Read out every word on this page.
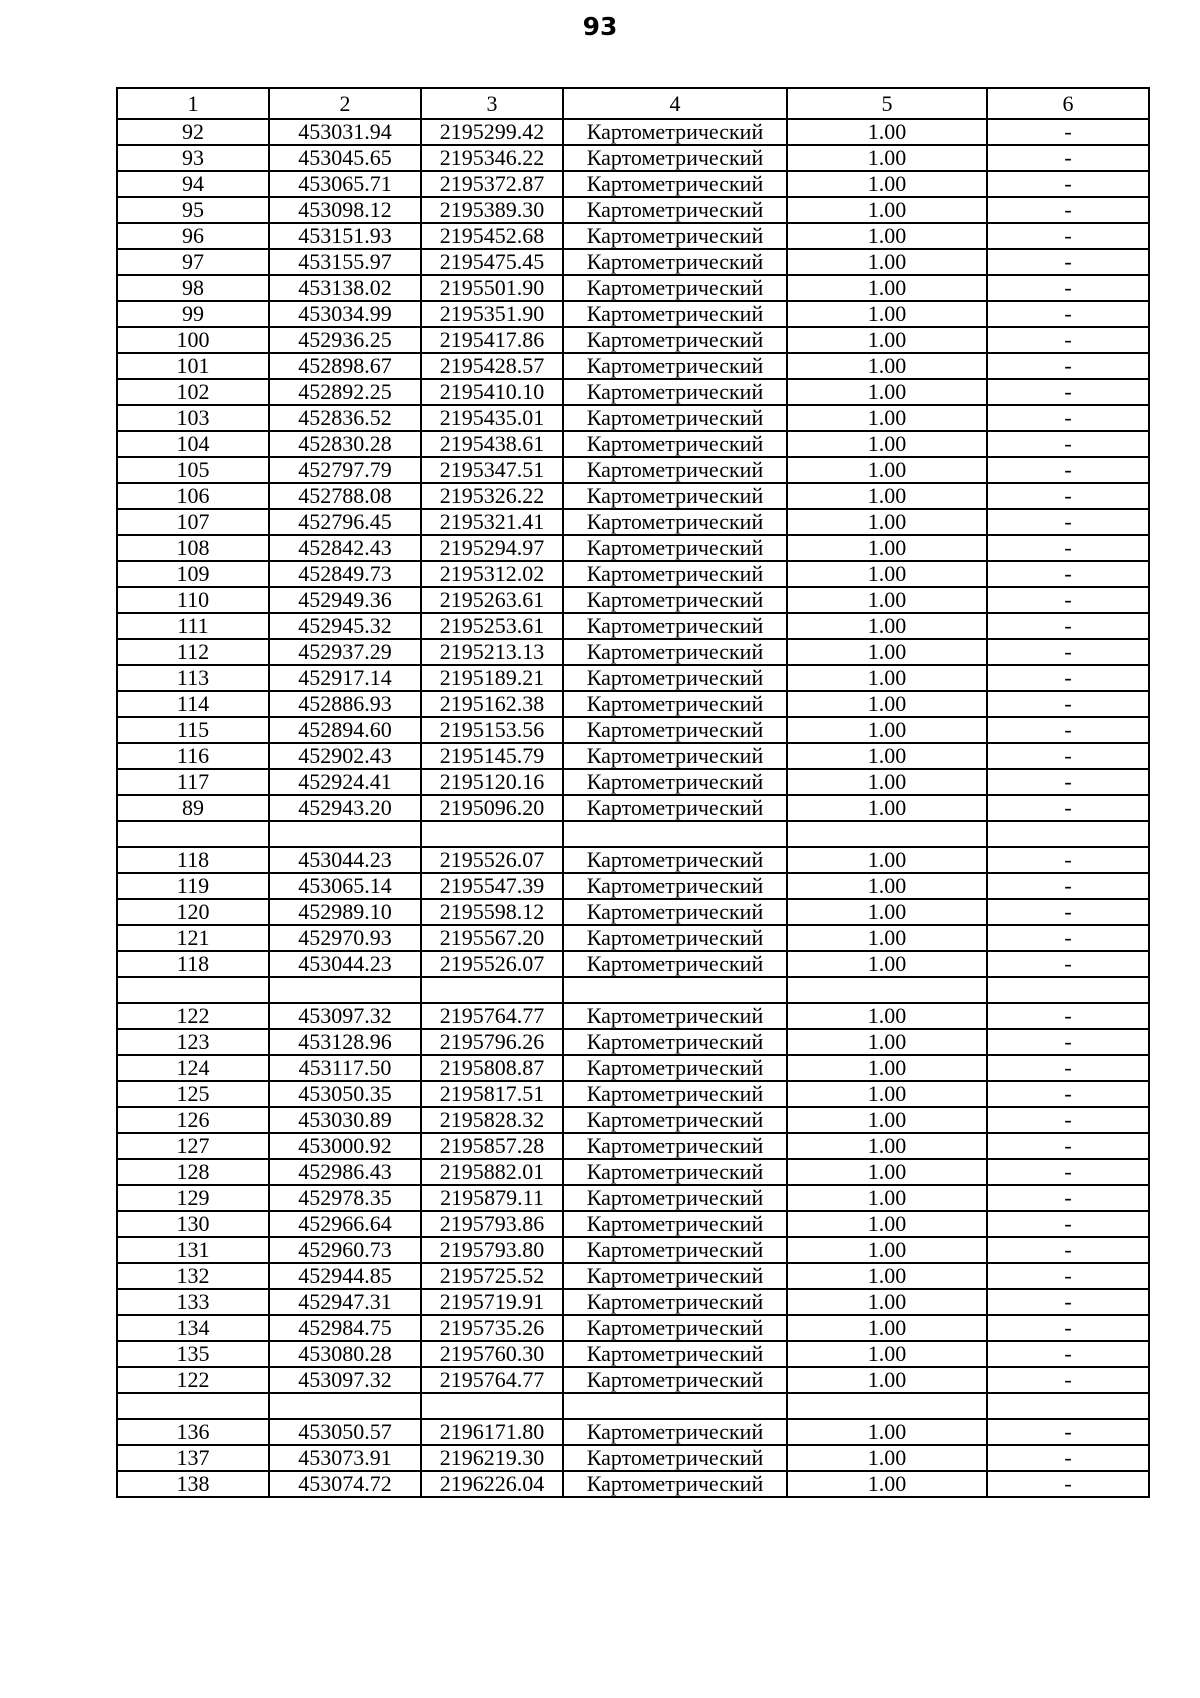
93
1	2	3	4	5	6
92	453031.94	2195299.42	Картометрический	1.00	-
93	453045.65	2195346.22	Картометрический	1.00	-
94	453065.71	2195372.87	Картометрический	1.00	-
95	453098.12	2195389.30	Картометрический	1.00	-
96	453151.93	2195452.68	Картометрический	1.00	-
97	453155.97	2195475.45	Картометрический	1.00	-
98	453138.02	2195501.90	Картометрический	1.00	-
99	453034.99	2195351.90	Картометрический	1.00	-
100	452936.25	2195417.86	Картометрический	1.00	-
101	452898.67	2195428.57	Картометрический	1.00	-
102	452892.25	2195410.10	Картометрический	1.00	-
103	452836.52	2195435.01	Картометрический	1.00	-
104	452830.28	2195438.61	Картометрический	1.00	-
105	452797.79	2195347.51	Картометрический	1.00	-
106	452788.08	2195326.22	Картометрический	1.00	-
107	452796.45	2195321.41	Картометрический	1.00	-
108	452842.43	2195294.97	Картометрический	1.00	-
109	452849.73	2195312.02	Картометрический	1.00	-
110	452949.36	2195263.61	Картометрический	1.00	-
111	452945.32	2195253.61	Картометрический	1.00	-
112	452937.29	2195213.13	Картометрический	1.00	-
113	452917.14	2195189.21	Картометрический	1.00	-
114	452886.93	2195162.38	Картометрический	1.00	-
115	452894.60	2195153.56	Картометрический	1.00	-
116	452902.43	2195145.79	Картометрический	1.00	-
117	452924.41	2195120.16	Картометрический	1.00	-
89	452943.20	2195096.20	Картометрический	1.00	-

118	453044.23	2195526.07	Картометрический	1.00	-
119	453065.14	2195547.39	Картометрический	1.00	-
120	452989.10	2195598.12	Картометрический	1.00	-
121	452970.93	2195567.20	Картометрический	1.00	-
118	453044.23	2195526.07	Картометрический	1.00	-

122	453097.32	2195764.77	Картометрический	1.00	-
123	453128.96	2195796.26	Картометрический	1.00	-
124	453117.50	2195808.87	Картометрический	1.00	-
125	453050.35	2195817.51	Картометрический	1.00	-
126	453030.89	2195828.32	Картометрический	1.00	-
127	453000.92	2195857.28	Картометрический	1.00	-
128	452986.43	2195882.01	Картометрический	1.00	-
129	452978.35	2195879.11	Картометрический	1.00	-
130	452966.64	2195793.86	Картометрический	1.00	-
131	452960.73	2195793.80	Картометрический	1.00	-
132	452944.85	2195725.52	Картометрический	1.00	-
133	452947.31	2195719.91	Картометрический	1.00	-
134	452984.75	2195735.26	Картометрический	1.00	-
135	453080.28	2195760.30	Картометрический	1.00	-
122	453097.32	2195764.77	Картометрический	1.00	-

136	453050.57	2196171.80	Картометрический	1.00	-
137	453073.91	2196219.30	Картометрический	1.00	-
138	453074.72	2196226.04	Картометрический	1.00	-
